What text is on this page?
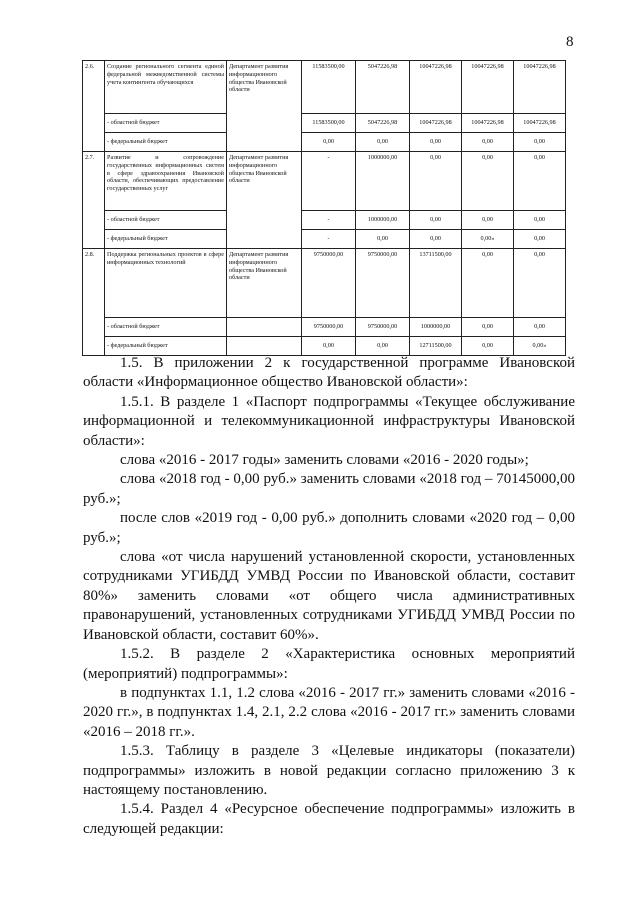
8
2.6.	Создание регионального сегмента единой федеральной межведомственной системы учета контингента обучающихся	Департамент развития информационного общества Ивановской области	11583500,00	5047226,98	10047226,98	10047226,98	10047226,98
	- областной бюджет		11583500,00	5047226,98	10047226,98	10047226,98	10047226,98
	- федеральный бюджет		0,00	0,00	0,00	0,00	0,00
2.7.	Развитие и сопровождение государственных информационных систем в сфере здравоохранения Ивановской области, обеспечивающих предоставление государственных услуг	Департамент развития информационного общества Ивановской области	-	1000000,00	0,00	0,00	0,00
	- областной бюджет		-	1000000,00	0,00	0,00	0,00
	- федеральный бюджет		-	0,00	0,00	0,00»	0,00
2.8.	Поддержка региональных проектов в сфере информационных технологий	Департамент развития информационного общества Ивановской области	9750000,00	9750000,00	13711500,00	0,00	0,00
	- областной бюджет		9750000,00	9750000,00	1000000,00	0,00	0,00
	- федеральный бюджет		0,00	0,00	12711500,00	0,00	0,00»

1.5. В приложении 2 к государственной программе Ивановской области «Информационное общество Ивановской области»:

1.5.1. В разделе 1 «Паспорт подпрограммы «Текущее обслуживание информационной и телекоммуникационной инфраструктуры Ивановской области»:

слова «2016 - 2017 годы» заменить словами «2016 - 2020 годы»;

слова «2018 год - 0,00 руб.» заменить словами «2018 год – 70145000,00 руб.»;

после слов «2019 год - 0,00 руб.» дополнить словами «2020 год – 0,00 руб.»;

слова «от числа нарушений установленной скорости, установленных сотрудниками УГИБДД УМВД России по Ивановской области, составит 80%» заменить словами «от общего числа административных правонарушений, установленных сотрудниками УГИБДД УМВД России по Ивановской области, составит 60%».

1.5.2. В разделе 2 «Характеристика основных мероприятий (мероприятий) подпрограммы»:

в подпунктах 1.1, 1.2 слова «2016 - 2017 гг.» заменить словами «2016 - 2020 гг.», в подпунктах 1.4, 2.1, 2.2 слова «2016 - 2017 гг.» заменить словами «2016 – 2018 гг.».

1.5.3. Таблицу в разделе 3 «Целевые индикаторы (показатели) подпрограммы» изложить в новой редакции согласно приложению 3 к настоящему постановлению.

1.5.4. Раздел 4 «Ресурсное обеспечение подпрограммы» изложить в следующей редакции:
